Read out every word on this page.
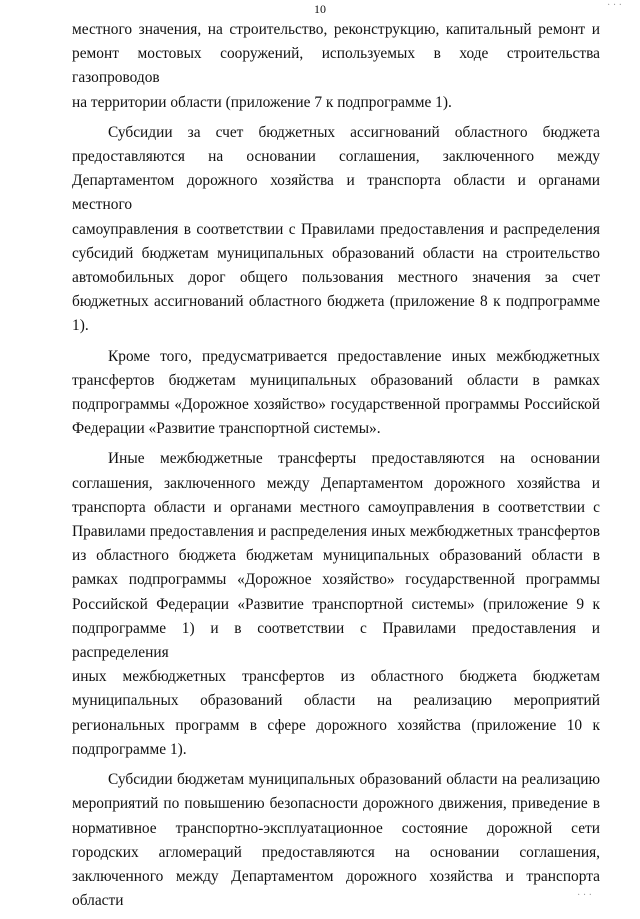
10

местного значения, на строительство, реконструкцию, капитальный ремонт и
ремонт мостовых сооружений, используемых в ходе строительства газопроводов
на территории области (приложение 7 к подпрограмме 1).

Субсидии за счет бюджетных ассигнований областного бюджета
предоставляются на основании соглашения, заключенного между
Департаментом дорожного хозяйства и транспорта области и органами местного
самоуправления в соответствии с Правилами предоставления и распределения
субсидий бюджетам муниципальных образований области на строительство
автомобильных дорог общего пользования местного значения за счет
бюджетных ассигнований областного бюджета (приложение 8 к подпрограмме
1).

Кроме того, предусматривается предоставление иных межбюджетных
трансфертов бюджетам муниципальных образований области в рамках
подпрограммы «Дорожное хозяйство» государственной программы Российской
Федерации «Развитие транспортной системы».

Иные межбюджетные трансферты предоставляются на основании
соглашения, заключенного между Департаментом дорожного хозяйства и
транспорта области и органами местного самоуправления в соответствии с
Правилами предоставления и распределения иных межбюджетных трансфертов
из областного бюджета бюджетам муниципальных образований области в
рамках подпрограммы «Дорожное хозяйство» государственной программы
Российской Федерации «Развитие транспортной системы» (приложение 9 к
подпрограмме 1) и в соответствии с Правилами предоставления и распределения
иных межбюджетных трансфертов из областного бюджета бюджетам
муниципальных образований области на реализацию мероприятий
региональных программ в сфере дорожного хозяйства (приложение 10 к
подпрограмме 1).

Субсидии бюджетам муниципальных образований области на реализацию
мероприятий по повышению безопасности дорожного движения, приведение в
нормативное транспортно-эксплуатационное состояние дорожной сети
городских агломераций предоставляются на основании соглашения,
заключенного между Департаментом дорожного хозяйства и транспорта области

· · ·
· · ·
